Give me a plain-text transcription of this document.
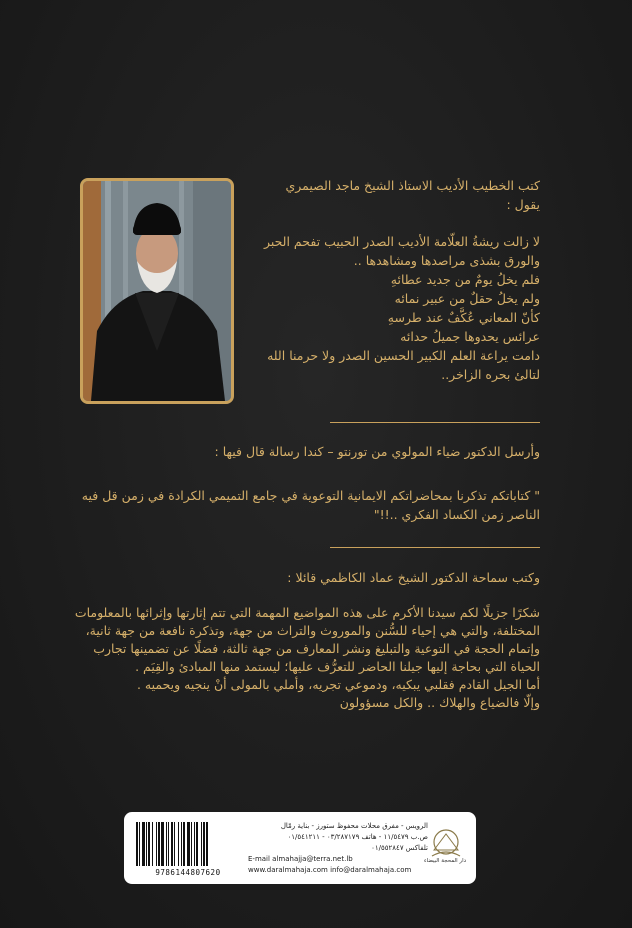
كتب الخطيب الأديب الاستاذ الشيخ ماجد الصيمري
يقول :
لا زالت ريشةُ العلّامة الأديب الصدر الحبيب تفحم الحبر
والورق بشذى مراصدها ومشاهدها ..
فلم يخلُ يومٌ من جديد عطائهِ
ولم يخلُ حقلٌ من عبير نمائه
كأنّ المعاني عُكَّفٌ عند طرسهِ
عرائس يحدوها جميلُ حدائه
دامت يراعة العلم الكبير الحسين الصدر ولا حرمنا الله
لتالئ بحره الزاخر..
وأرسل الدكتور ضياء المولوي من تورنتو – كندا رسالة قال فيها :
" كتاباتكم تذكرنا بمحاضراتكم الايمانية التوعوية في جامع التميمي الكرادة في زمن قل فيه الناصر زمن الكساد الفكري ..!!"
وكتب سماحة الدكتور الشيخ عماد الكاظمي قائلا :
شكرًا جزيلًا لكم سيدنا الأكرم على هذه المواضيع المهمة التي تتم إثارتها وإثرائها بالمعلومات المختلفة، والتي هي إحياء للسُّنن والموروث والتراث من جهة، وتذكرة نافعة من جهة ثانية، وإتمام الحجة في التوعية والتبليغ ونشر المعارف من جهة ثالثة، فضلًا عن تضمينها تجارب الحياة التي بحاجة إليها جيلنا الحاضر للتعرُّف عليها؛ ليستمد منها المبادئ والقِيَم .
أما الجيل القادم فقلبي يبكيه، ودموعي تجريه، وأملي بالمولى أنْ ينجيه ويحميه .
وإلّا فالضياع والهلاك .. والكل مسؤولون
9786144807620
الرويس - مفرق محلات محفوظ ستورز - بناية رمّال
ص.ب ١١/٥٤٧٩ - هاتف ٠٣/٢٨٧١٧٩ - ٠١/٥٤١٢١١
تلفاكس ٠١/٥٥٢٨٤٧
E-mail almahajja@terra.net.lb
www.daralmahaja.com info@daralmahaja.com
دار المحجة البيضاء
